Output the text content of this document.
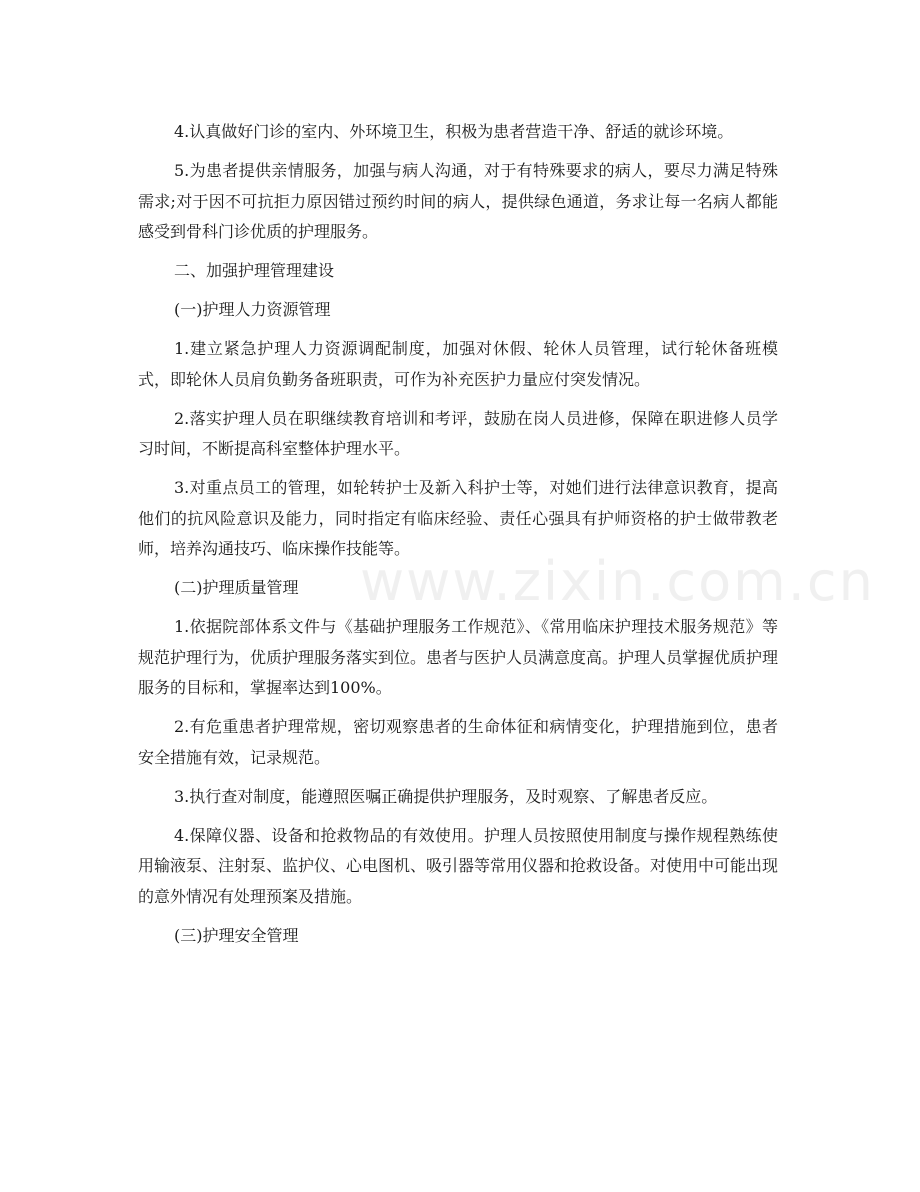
4.认真做好门诊的室内、外环境卫生，积极为患者营造干净、舒适的就诊环境。

5.为患者提供亲情服务，加强与病人沟通，对于有特殊要求的病人，要尽力满足特殊需求;对于因不可抗拒力原因错过预约时间的病人，提供绿色通道，务求让每一名病人都能感受到骨科门诊优质的护理服务。

二、加强护理管理建设

(一)护理人力资源管理

1.建立紧急护理人力资源调配制度，加强对休假、轮休人员管理，试行轮休备班模式，即轮休人员肩负勤务备班职责，可作为补充医护力量应付突发情况。

2.落实护理人员在职继续教育培训和考评，鼓励在岗人员进修，保障在职进修人员学习时间，不断提高科室整体护理水平。

3.对重点员工的管理，如轮转护士及新入科护士等，对她们进行法律意识教育，提高他们的抗风险意识及能力，同时指定有临床经验、责任心强具有护师资格的护士做带教老师，培养沟通技巧、临床操作技能等。

(二)护理质量管理

1.依据院部体系文件与《基础护理服务工作规范》、《常用临床护理技术服务规范》等规范护理行为，优质护理服务落实到位。患者与医护人员满意度高。护理人员掌握优质护理服务的目标和，掌握率达到100%。

2.有危重患者护理常规，密切观察患者的生命体征和病情变化，护理措施到位，患者安全措施有效，记录规范。

3.执行查对制度，能遵照医嘱正确提供护理服务，及时观察、了解患者反应。

4.保障仪器、设备和抢救物品的有效使用。护理人员按照使用制度与操作规程熟练使用输液泵、注射泵、监护仪、心电图机、吸引器等常用仪器和抢救设备。对使用中可能出现的意外情况有处理预案及措施。

(三)护理安全管理

www.zixin.com.cn
